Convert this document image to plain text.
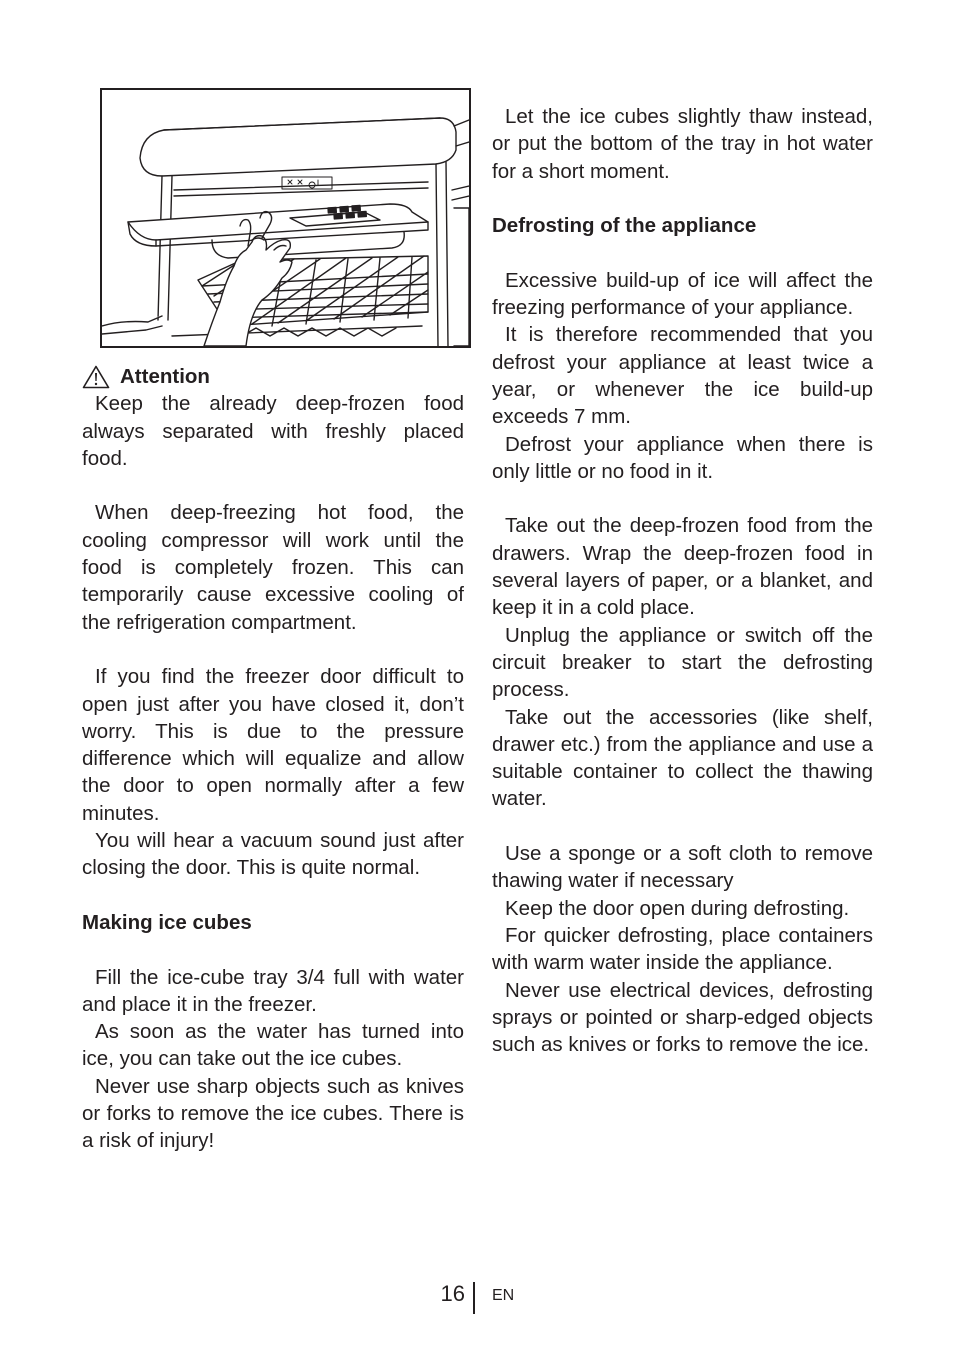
Attention

Keep the already deep-frozen food always separated with freshly placed food.

When deep-freezing hot food, the cooling compressor will work until the food is completely frozen. This can temporarily cause excessive cooling of the refrigeration compartment.

If you find the freezer door difficult to open just after you have closed it, don’t worry. This is due to the pressure difference which will equalize and allow the door to open normally after a few minutes.

You will hear a vacuum sound just after closing the door. This is quite normal.

Making ice cubes

Fill the ice-cube tray 3/4 full with water and place it in the freezer.

As soon as the water has turned into ice, you can take out the ice cubes.

Never use sharp objects such as knives or forks to remove the ice cubes. There is a risk of injury!

Let the ice cubes slightly thaw instead, or put the bottom of the tray in hot water for a short moment.

Defrosting of the appliance

Excessive build-up of ice will affect the freezing performance of your appliance.

It is therefore recommended that you defrost your appliance at least twice a year, or whenever the ice build-up exceeds 7 mm.

Defrost your appliance when there is only little or no food in it.

Take out the deep-frozen food from the drawers. Wrap the deep-frozen food in several layers of paper, or a blanket, and keep it in a cold place.

Unplug the appliance or switch off the circuit breaker to start the defrosting process.

Take out the accessories (like shelf, drawer etc.) from the appliance and use a suitable container to collect the thawing water.

Use a sponge or a soft cloth to remove thawing water if necessary

Keep the door open during defrosting.

For quicker defrosting, place containers with warm water inside the appliance.

Never use electrical devices, defrosting sprays or pointed or sharp-edged objects such as knives or forks to remove the ice.

16 EN
